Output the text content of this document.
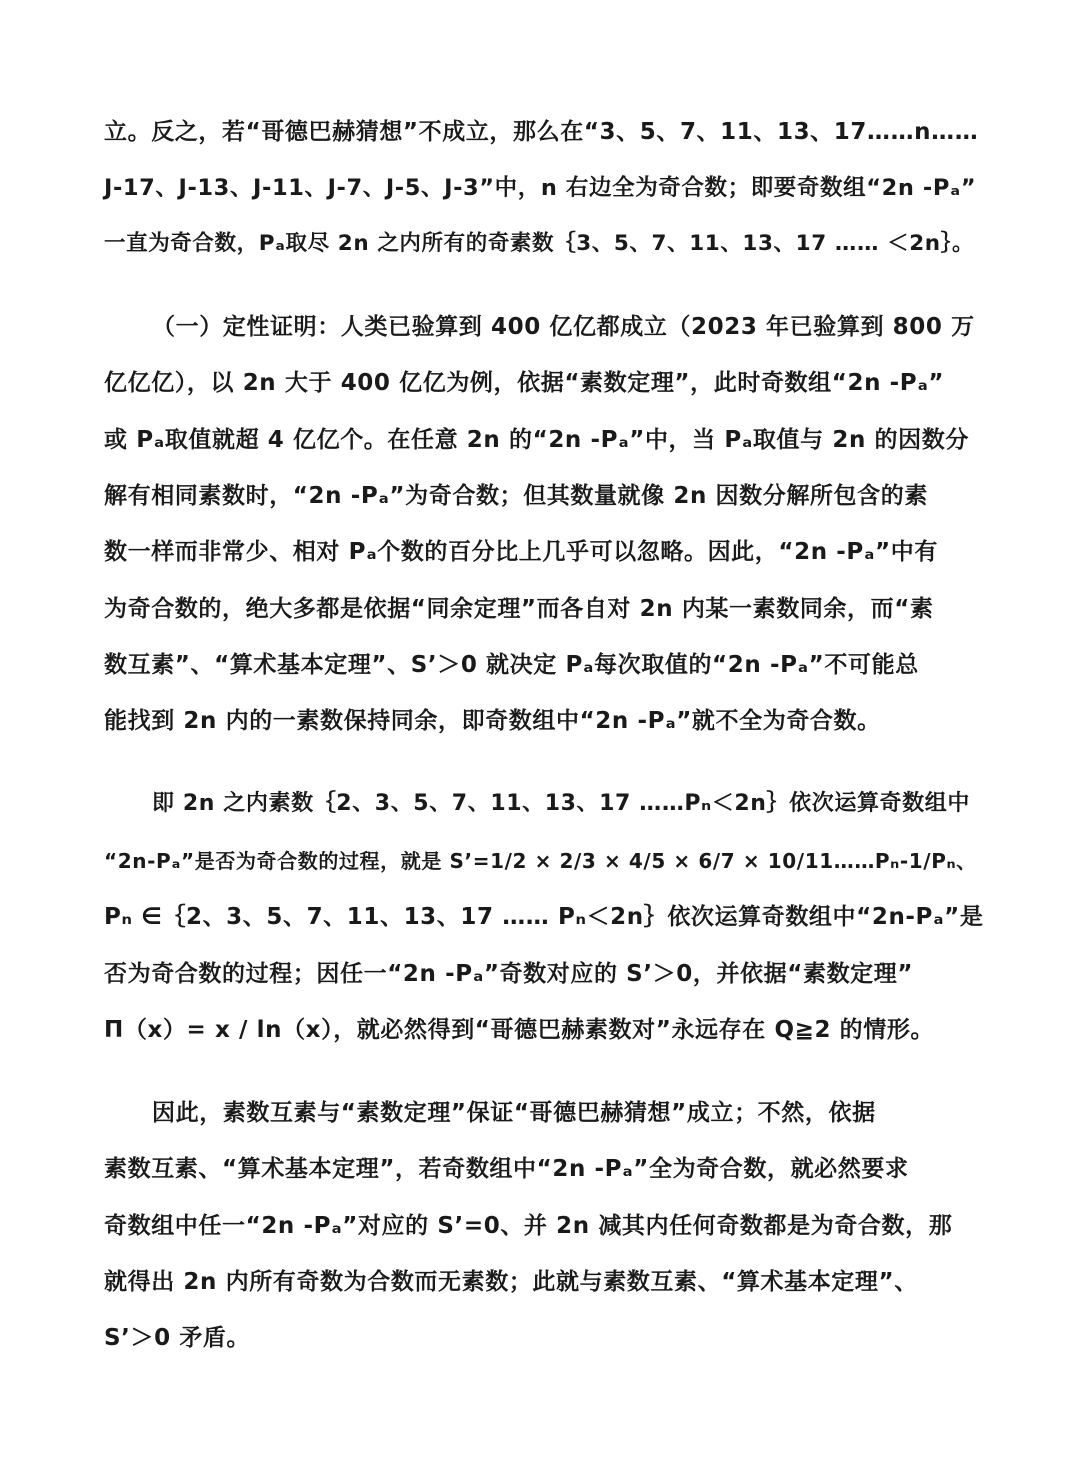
立。反之，若“哥德巴赫猜想”不成立，那么在“3、5、7、11、13、17……n……
J-17、J-13、J-11、J-7、J-5、J-3”中，n 右边全为奇合数；即要奇数组“2n -Pₐ”
一直为奇合数，Pₐ取尽 2n 之内所有的奇素数｛3、5、7、11、13、17 …… ＜2n｝。
（一）定性证明：人类已验算到 400 亿亿都成立（2023 年已验算到 800 万
亿亿亿），以 2n 大于 400 亿亿为例，依据“素数定理”，此时奇数组“2n -Pₐ”
或 Pₐ取值就超 4 亿亿个。在任意 2n 的“2n -Pₐ”中，当 Pₐ取值与 2n 的因数分
解有相同素数时，“2n -Pₐ”为奇合数；但其数量就像 2n 因数分解所包含的素
数一样而非常少、相对 Pₐ个数的百分比上几乎可以忽略。因此，“2n -Pₐ”中有
为奇合数的，绝大多都是依据“同余定理”而各自对 2n 内某一素数同余，而“素
数互素”、“算术基本定理”、S’＞0 就决定 Pₐ每次取值的“2n -Pₐ”不可能总
能找到 2n 内的一素数保持同余，即奇数组中“2n -Pₐ”就不全为奇合数。
即 2n 之内素数｛2、3、5、7、11、13、17 ……Pₙ＜2n｝依次运算奇数组中
“2n-Pₐ”是否为奇合数的过程，就是 S’=1/2 × 2/3 × 4/5 × 6/7 × 10/11……Pₙ-1/Pₙ、
Pₙ ∈｛2、3、5、7、11、13、17 …… Pₙ＜2n｝依次运算奇数组中“2n-Pₐ”是
否为奇合数的过程；因任一“2n -Pₐ”奇数对应的 S’＞0，并依据“素数定理”
Π（x）= x / ln（x），就必然得到“哥德巴赫素数对”永远存在 Q≧2 的情形。
因此，素数互素与“素数定理”保证“哥德巴赫猜想”成立；不然，依据
素数互素、“算术基本定理”，若奇数组中“2n -Pₐ”全为奇合数，就必然要求
奇数组中任一“2n -Pₐ”对应的 S’=0、并 2n 减其内任何奇数都是为奇合数，那
就得出 2n 内所有奇数为合数而无素数；此就与素数互素、“算术基本定理”、
S’＞0 矛盾。
